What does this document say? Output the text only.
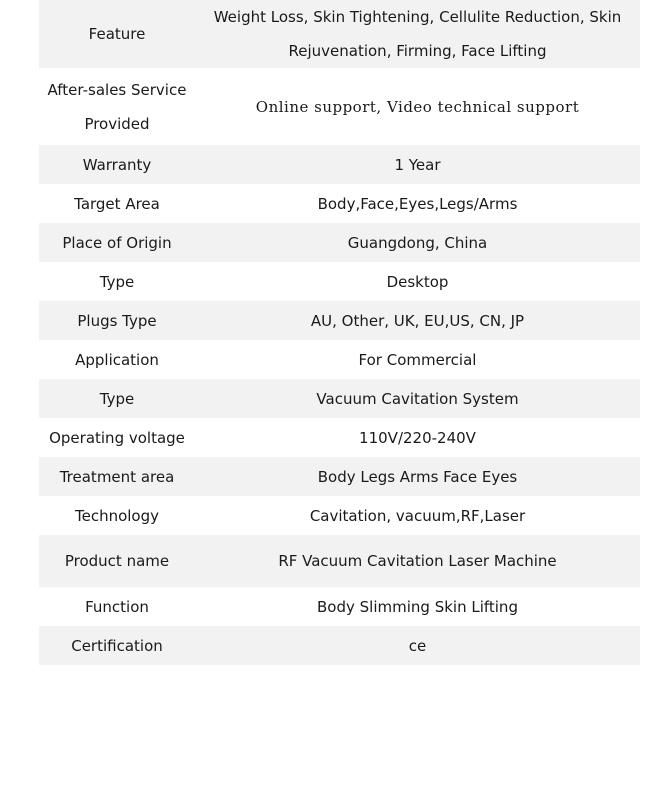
Feature	Weight Loss, Skin Tightening, Cellulite Reduction, Skin Rejuvenation, Firming, Face Lifting
After-sales Service Provided	Online support, Video technical support
Warranty	1 Year
Target Area	Body,Face,Eyes,Legs/Arms
Place of Origin	Guangdong, China
Type	Desktop
Plugs Type	AU, Other, UK, EU,US, CN, JP
Application	For Commercial
Type	Vacuum Cavitation System
Operating voltage	110V/220-240V
Treatment area	Body Legs Arms Face Eyes
Technology	Cavitation, vacuum,RF,Laser
Product name	RF Vacuum Cavitation Laser Machine
Function	Body Slimming Skin Lifting
Certification	ce
